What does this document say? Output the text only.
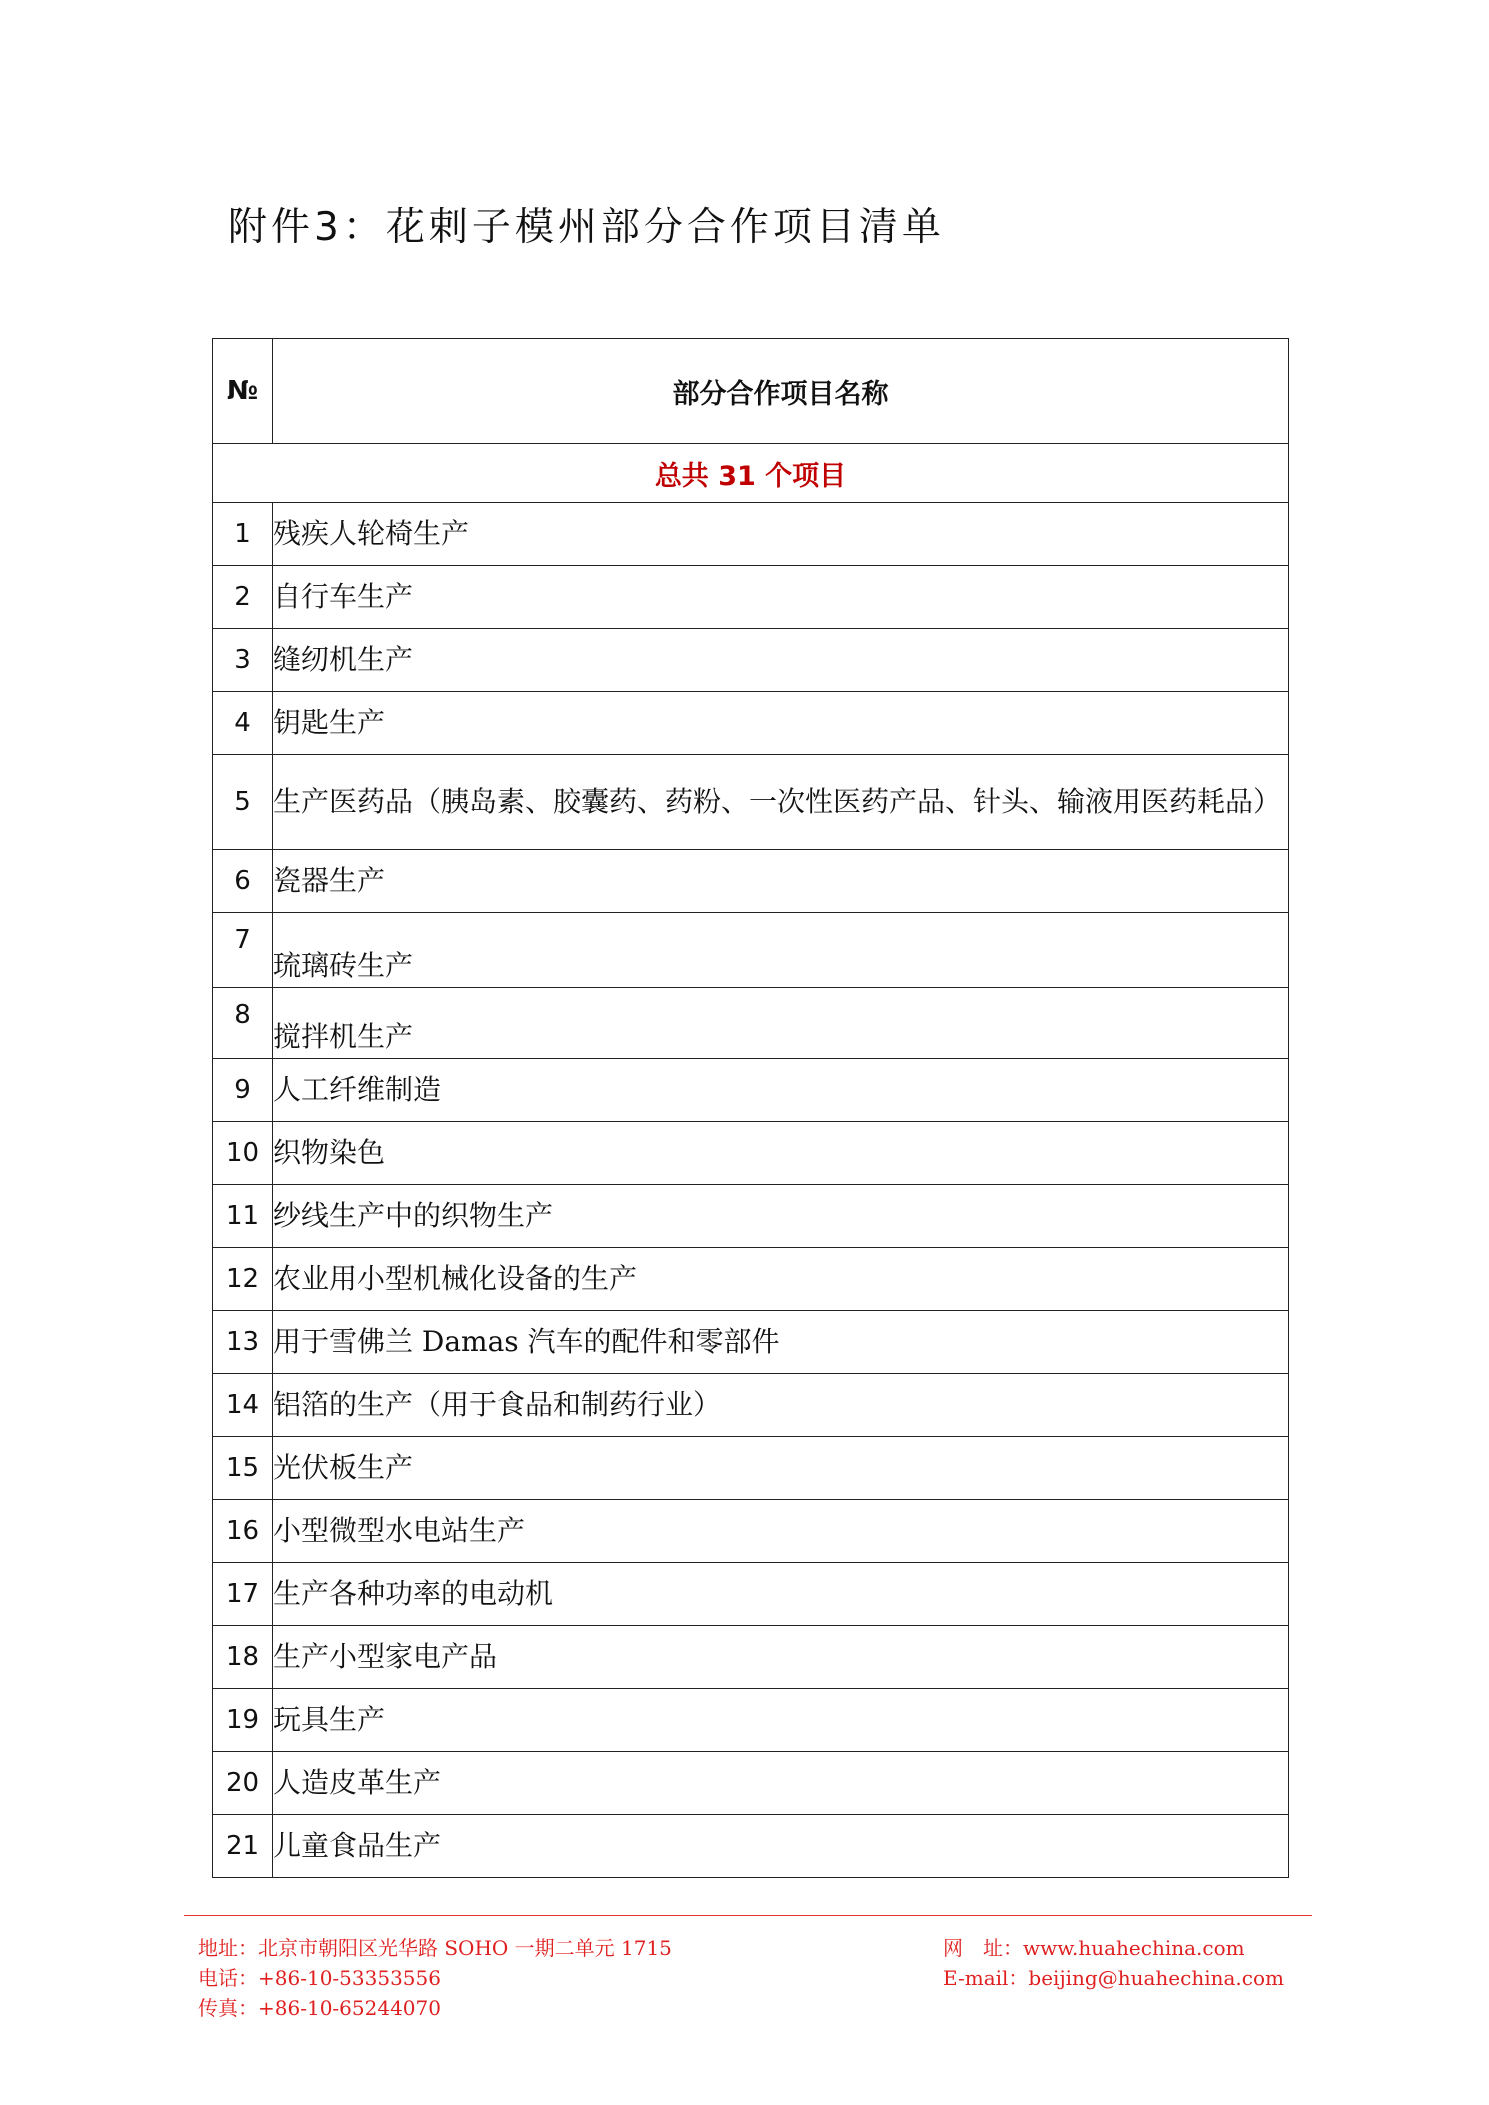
附件3：花剌子模州部分合作项目清单
№	部分合作项目名称
总共 31 个项目	
1	残疾人轮椅生产
2	自行车生产
3	缝纫机生产
4	钥匙生产
5	生产医药品（胰岛素、胶囊药、药粉、一次性医药产品、针头、输液用医药耗品）
6	瓷器生产
7	琉璃砖生产
8	搅拌机生产
9	人工纤维制造
10	织物染色
11	纱线生产中的织物生产
12	农业用小型机械化设备的生产
13	用于雪佛兰 Damas 汽车的配件和零部件
14	铝箔的生产（用于食品和制药行业）
15	光伏板生产
16	小型微型水电站生产
17	生产各种功率的电动机
18	生产小型家电产品
19	玩具生产
20	人造皮革生产
21	儿童食品生产
地址：北京市朝阳区光华路 SOHO 一期二单元 1715
电话：+86-10-53353556
传真：+86-10-65244070
网　址：www.huahechina.com
E-mail：beijing@huahechina.com
